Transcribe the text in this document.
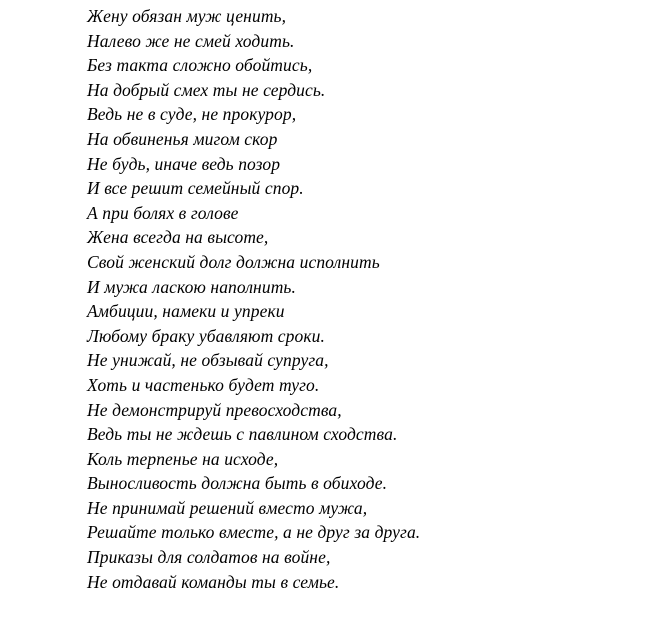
Жену обязан муж ценить,
Налево же не смей ходить.
Без такта сложно обойтись,
На добрый смех ты не сердись.
Ведь не в суде, не прокурор,
На обвиненья мигом скор
Не будь, иначе ведь позор
И все решит семейный спор.
А при болях в голове
Жена всегда на высоте,
Свой женский долг должна исполнить
И мужа ласкою наполнить.
Амбиции, намеки и упреки
Любому браку убавляют сроки.
Не унижай, не обзывай супруга,
Хоть и частенько будет туго.
Не демонстрируй превосходства,
Ведь ты не ждешь с павлином сходства.
Коль терпенье на исходе,
Выносливость должна быть в обиходе.
Не принимай решений вместо мужа,
Решайте только вместе, а не друг за друга.
Приказы для солдатов на войне,
Не отдавай команды ты в семье.
